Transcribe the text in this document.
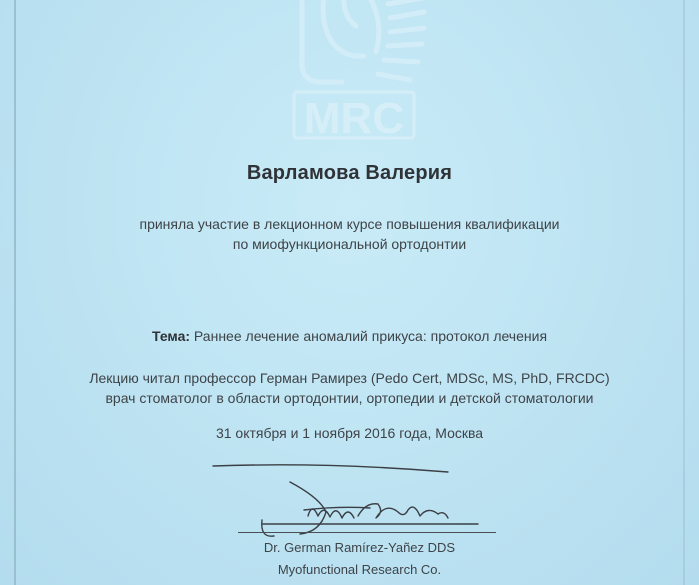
MRC
Варламова Валерия
приняла участие в лекционном курсе повышения квалификации
по миофункциональной ортодонтии
Тема: Раннее лечение аномалий прикуса: протокол лечения
Лекцию читал профессор Герман Рамирез (Pedo Cert, MDSc, MS, PhD, FRCDC)
врач стоматолог в области ортодонтии, ортопедии и детской стоматологии
31 октября и 1 ноября 2016 года, Москва
Dr. German Ramírez-Yañez DDS
Myofunctional Research Co.
